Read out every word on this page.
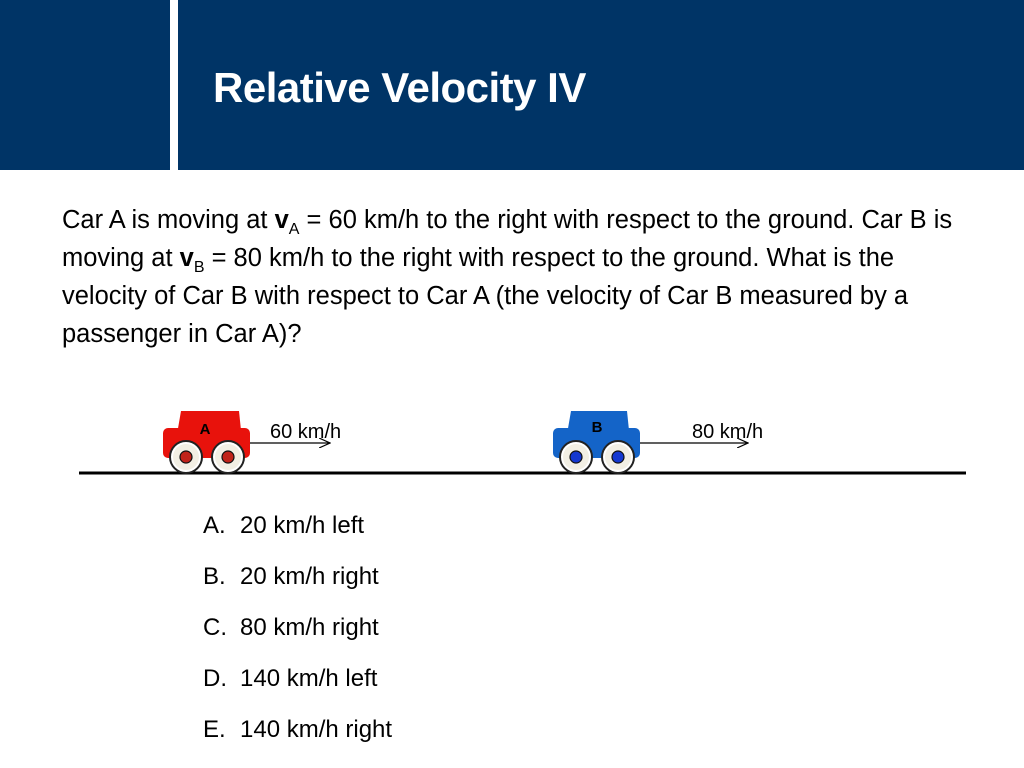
Relative Velocity IV

Car A is moving at $v_A = 60$ km/h to the right with respect to the ground. Car B is moving at $v_B = 80$ km/h to the right with respect to the ground. What is the velocity of Car B with respect to Car A (the velocity of Car B measured by a passenger in Car A)?

A	60 km/h	B	80 km/h
A. 20 km/h left
B. 20 km/h right
C. 80 km/h right
D. 140 km/h left
E. 140 km/h right
